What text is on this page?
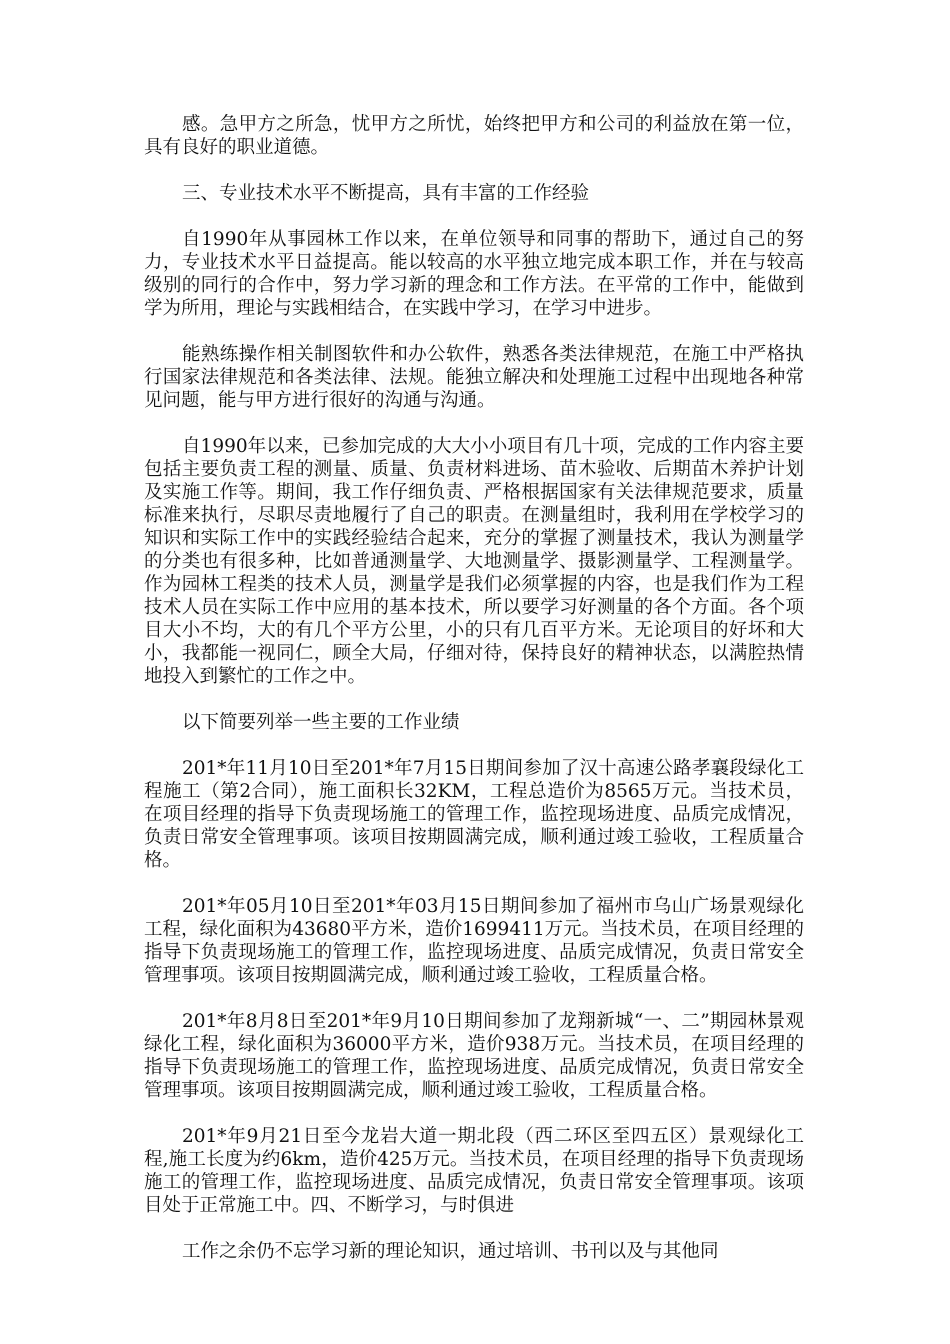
感。急甲方之所急，忧甲方之所忧，始终把甲方和公司的利益放在第一位，具有良好的职业道德。

三、专业技术水平不断提高，具有丰富的工作经验

自1990年从事园林工作以来，在单位领导和同事的帮助下，通过自己的努力，专业技术水平日益提高。能以较高的水平独立地完成本职工作，并在与较高级别的同行的合作中，努力学习新的理念和工作方法。在平常的工作中，能做到学为所用，理论与实践相结合，在实践中学习，在学习中进步。

能熟练操作相关制图软件和办公软件，熟悉各类法律规范，在施工中严格执行国家法律规范和各类法律、法规。能独立解决和处理施工过程中出现地各种常见问题，能与甲方进行很好的沟通与沟通。

自1990年以来，已参加完成的大大小小项目有几十项，完成的工作内容主要包括主要负责工程的测量、质量、负责材料进场、苗木验收、后期苗木养护计划及实施工作等。期间，我工作仔细负责、严格根据国家有关法律规范要求，质量标准来执行，尽职尽责地履行了自己的职责。在测量组时，我利用在学校学习的知识和实际工作中的实践经验结合起来，充分的掌握了测量技术，我认为测量学的分类也有很多种，比如普通测量学、大地测量学、摄影测量学、工程测量学。作为园林工程类的技术人员，测量学是我们必须掌握的内容，也是我们作为工程技术人员在实际工作中应用的基本技术，所以要学习好测量的各个方面。各个项目大小不均，大的有几个平方公里，小的只有几百平方米。无论项目的好坏和大小，我都能一视同仁，顾全大局，仔细对待，保持良好的精神状态，以满腔热情地投入到繁忙的工作之中。

以下简要列举一些主要的工作业绩

201*年11月10日至201*年7月15日期间参加了汉十高速公路孝襄段绿化工程施工（第2合同），施工面积长32KM，工程总造价为8565万元。当技术员，在项目经理的指导下负责现场施工的管理工作，监控现场进度、品质完成情况，负责日常安全管理事项。该项目按期圆满完成，顺利通过竣工验收，工程质量合格。

201*年05月10日至201*年03月15日期间参加了福州市乌山广场景观绿化工程，绿化面积为43680平方米，造价1699411万元。当技术员，在项目经理的指导下负责现场施工的管理工作，监控现场进度、品质完成情况，负责日常安全管理事项。该项目按期圆满完成，顺利通过竣工验收，工程质量合格。

201*年8月8日至201*年9月10日期间参加了龙翔新城“一、二”期园林景观绿化工程，绿化面积为36000平方米，造价938万元。当技术员，在项目经理的指导下负责现场施工的管理工作，监控现场进度、品质完成情况，负责日常安全管理事项。该项目按期圆满完成，顺利通过竣工验收，工程质量合格。

201*年9月21日至今龙岩大道一期北段（西二环区至四五区）景观绿化工程,施工长度为约6km，造价425万元。当技术员，在项目经理的指导下负责现场施工的管理工作，监控现场进度、品质完成情况，负责日常安全管理事项。该项目处于正常施工中。四、不断学习，与时俱进

工作之余仍不忘学习新的理论知识，通过培训、书刊以及与其他同
